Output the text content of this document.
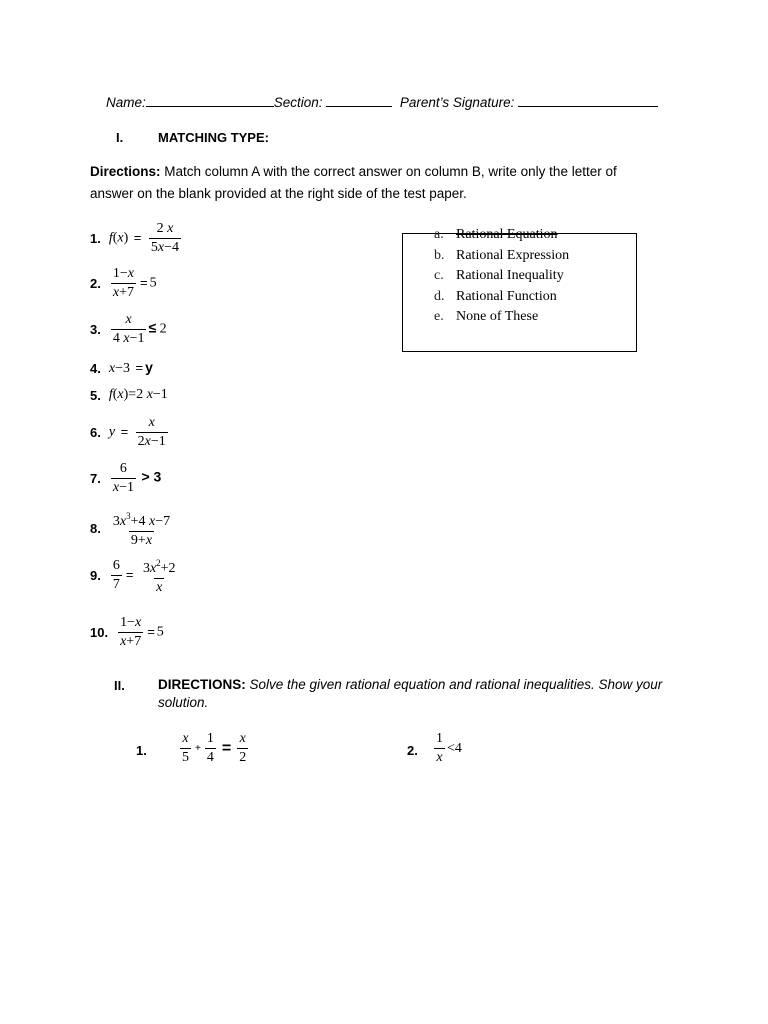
Name:	Section:	Parent’s Signature:
I.	MATCHING TYPE:
Directions: Match column A with the correct answer on column B, write only the letter of answer on the blank provided at the right side of the test paper.
1. $f(x) = \frac{2 x}{5x-4}$
2. $\frac{1-x}{x+7} = 5$
3. $\frac{x}{4 x-1} \le 2$
4. x−3 = y
5. f(x)=2 x−1
6. $y = \frac{x}{2x-1}$
7. $\frac{6}{x-1} > 3$
8. $\frac{3x^3+4 x-7}{9+x}$
9. $\frac{6}{7} = \frac{3x^2+2}{x}$
10. $\frac{1-x}{x+7} = 5$
a. Rational Equation
b. Rational Expression
c. Rational Inequality
d. Rational Function
e. None of These
II. DIRECTIONS: Solve the given rational equation and rational inequalities. Show your solution.
1. $\frac{x}{5} + \frac{1}{4} = \frac{x}{2}$	2. $\frac{1}{x} <4$
